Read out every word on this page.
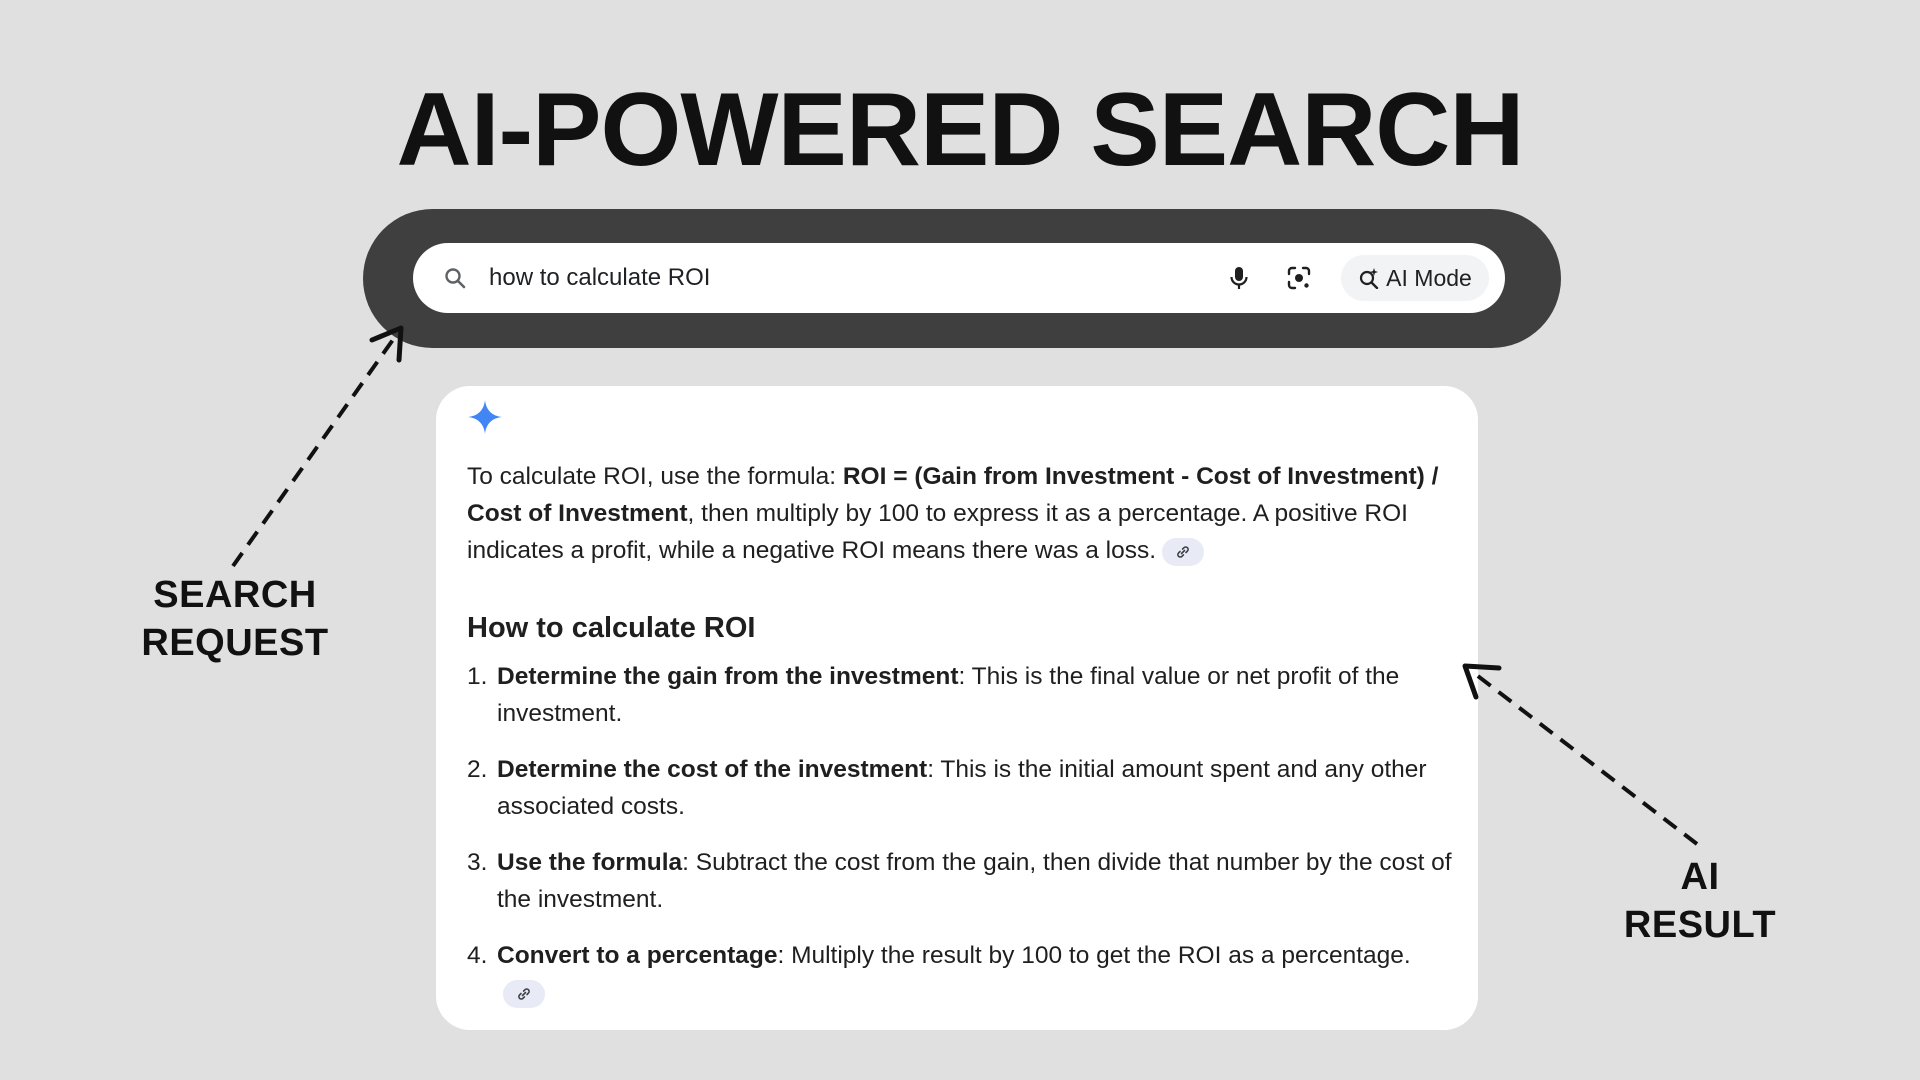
AI-POWERED SEARCH
how to calculate ROI	AI Mode

To calculate ROI, use the formula: ROI = (Gain from Investment - Cost of Investment) / Cost of Investment, then multiply by 100 to express it as a percentage. A positive ROI indicates a profit, while a negative ROI means there was a loss.

How to calculate ROI
1. Determine the gain from the investment: This is the final value or net profit of the investment.
2. Determine the cost of the investment: This is the initial amount spent and any other associated costs.
3. Use the formula: Subtract the cost from the gain, then divide that number by the cost of the investment.
4. Convert to a percentage: Multiply the result by 100 to get the ROI as a percentage.
SEARCH
REQUEST
AI
RESULT
